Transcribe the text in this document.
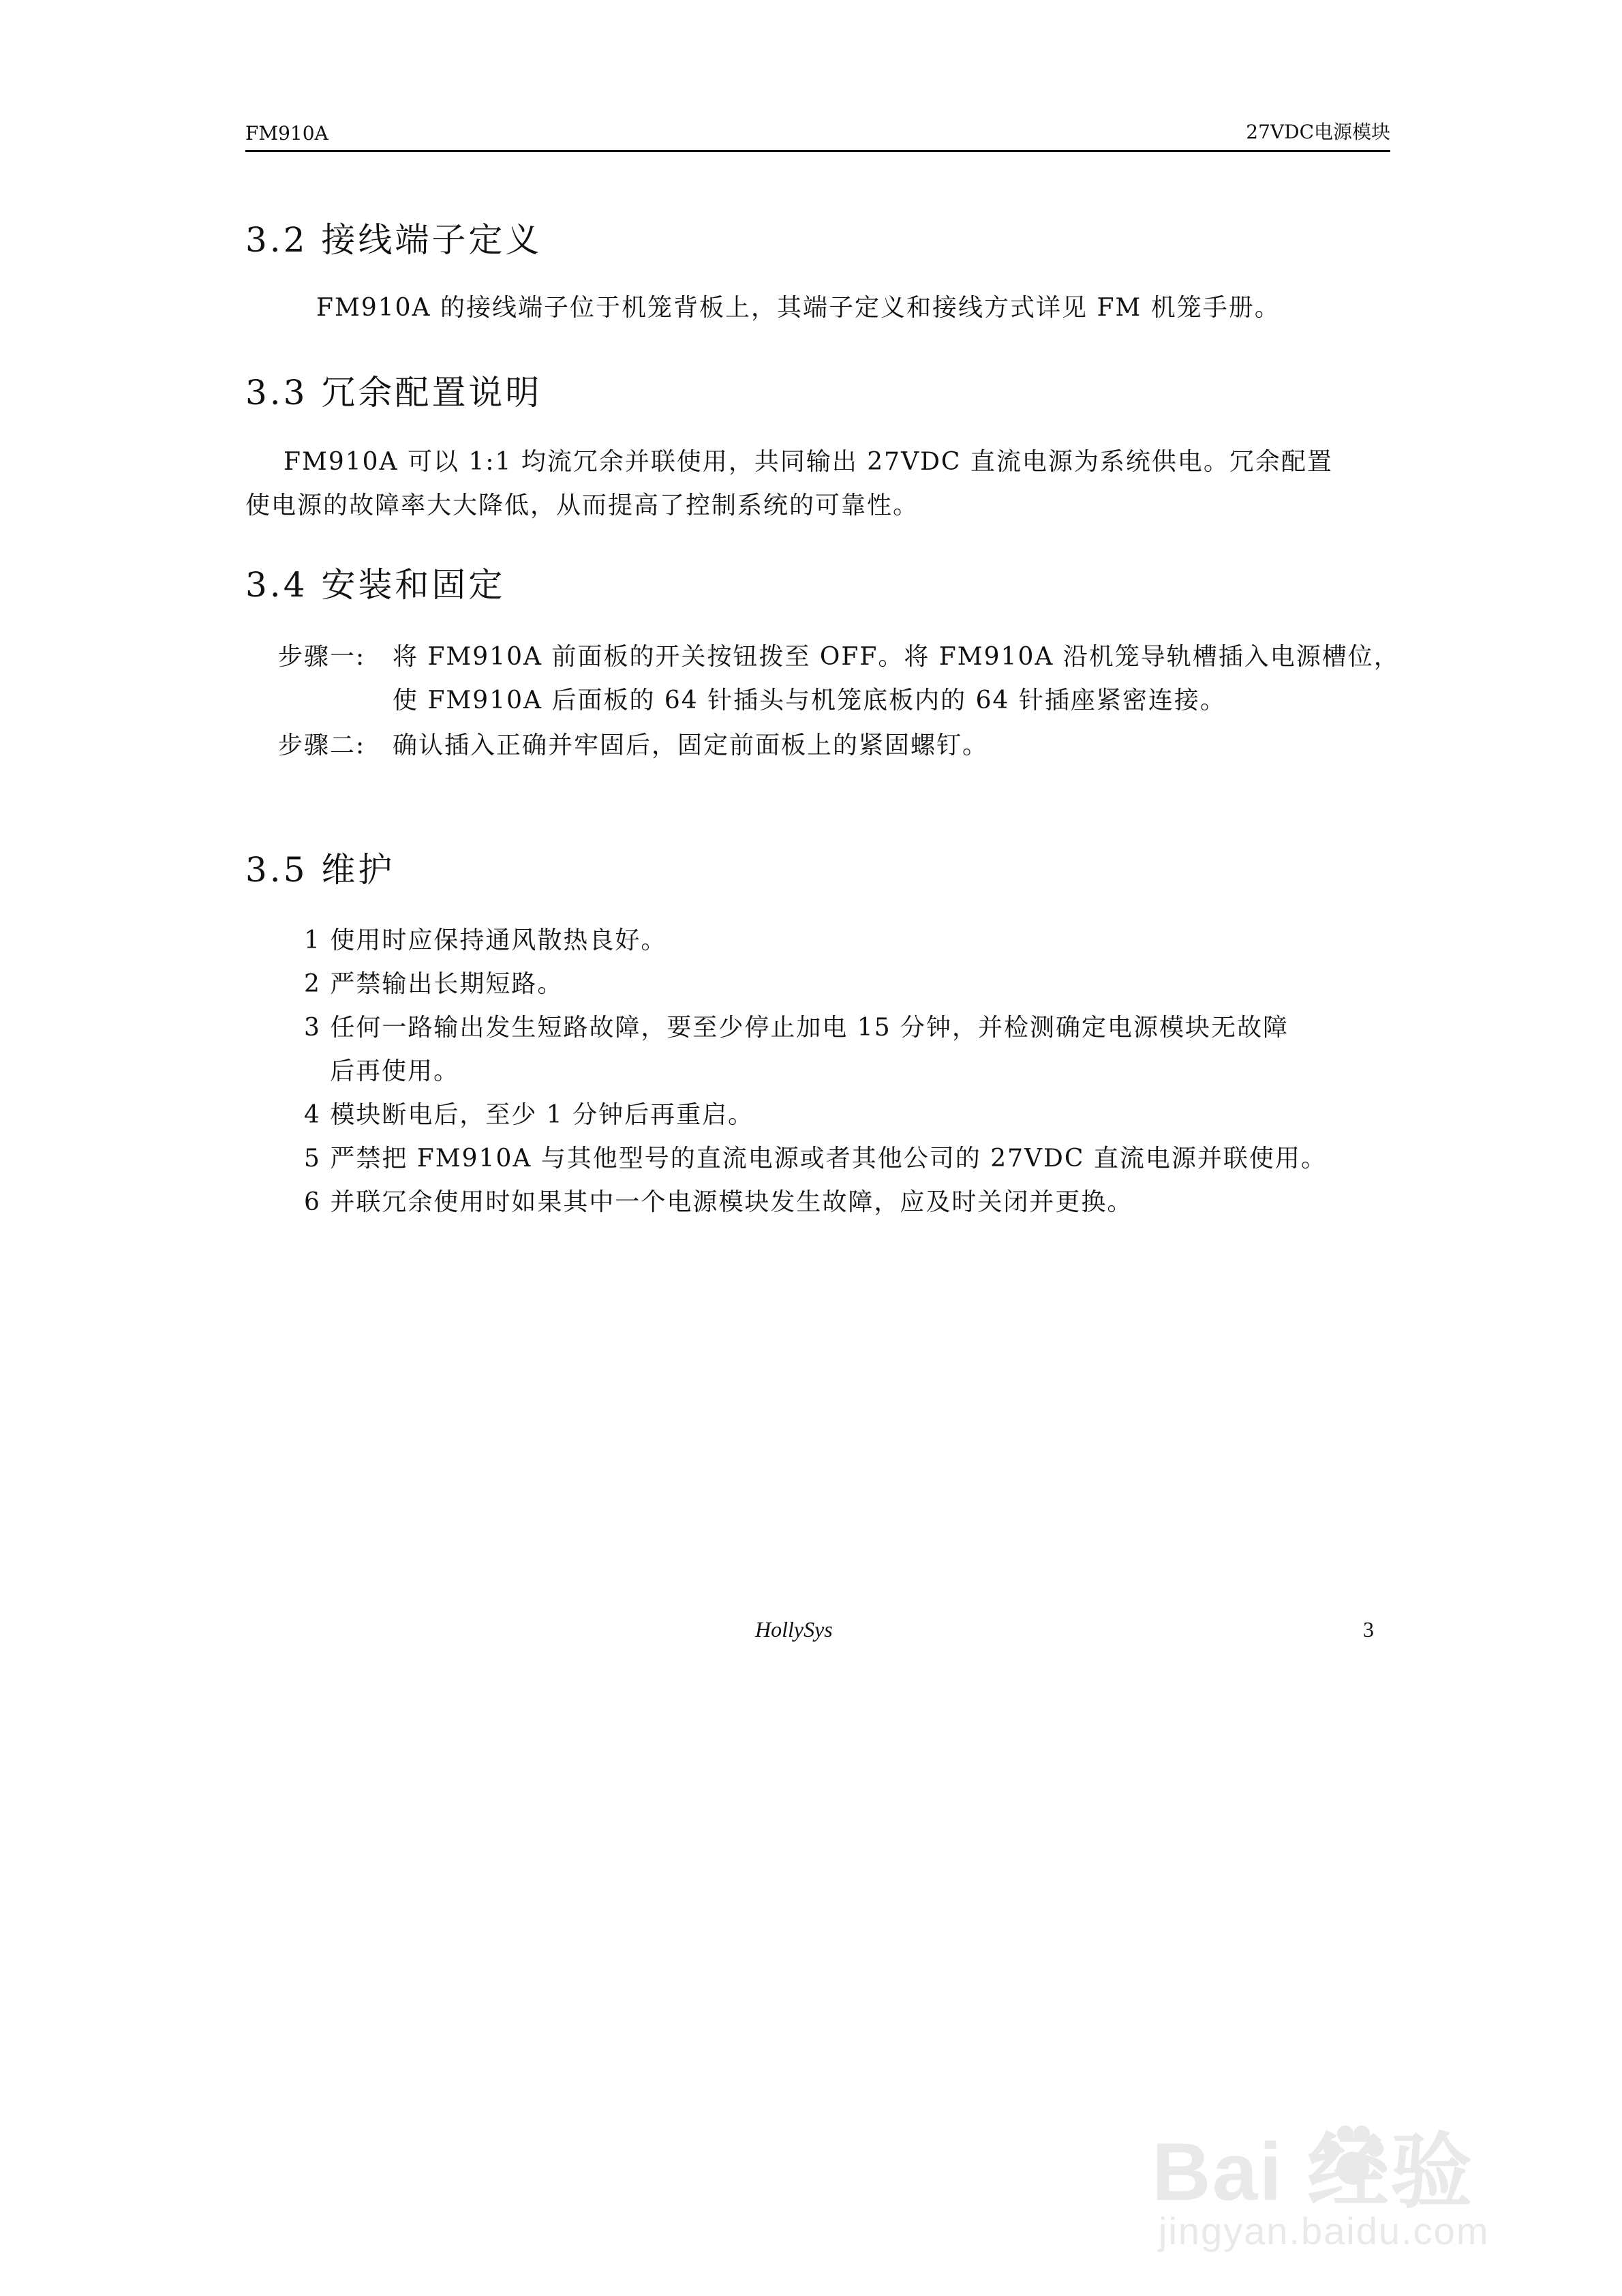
FM910A	27VDC电源模块
3.2 接线端子定义
FM910A 的接线端子位于机笼背板上，其端子定义和接线方式详见 FM 机笼手册。
3.3 冗余配置说明
FM910A 可以 1:1 均流冗余并联使用，共同输出 27VDC 直流电源为系统供电。冗余配置
使电源的故障率大大降低，从而提高了控制系统的可靠性。
3.4 安装和固定
步骤一: 将 FM910A 前面板的开关按钮拨至 OFF。将 FM910A 沿机笼导轨槽插入电源槽位，
使 FM910A 后面板的 64 针插头与机笼底板内的 64 针插座紧密连接。
步骤二: 确认插入正确并牢固后，固定前面板上的紧固螺钉。
3.5 维护
1 使用时应保持通风散热良好。
2 严禁输出长期短路。
3 任何一路输出发生短路故障，要至少停止加电 15 分钟，并检测确定电源模块无故障
后再使用。
4 模块断电后，至少 1 分钟后再重启。
5 严禁把 FM910A 与其他型号的直流电源或者其他公司的 27VDC 直流电源并联使用。
6 并联冗余使用时如果其中一个电源模块发生故障，应及时关闭并更换。
HollySys	3
Bai 经验
jingyan.baidu.com
